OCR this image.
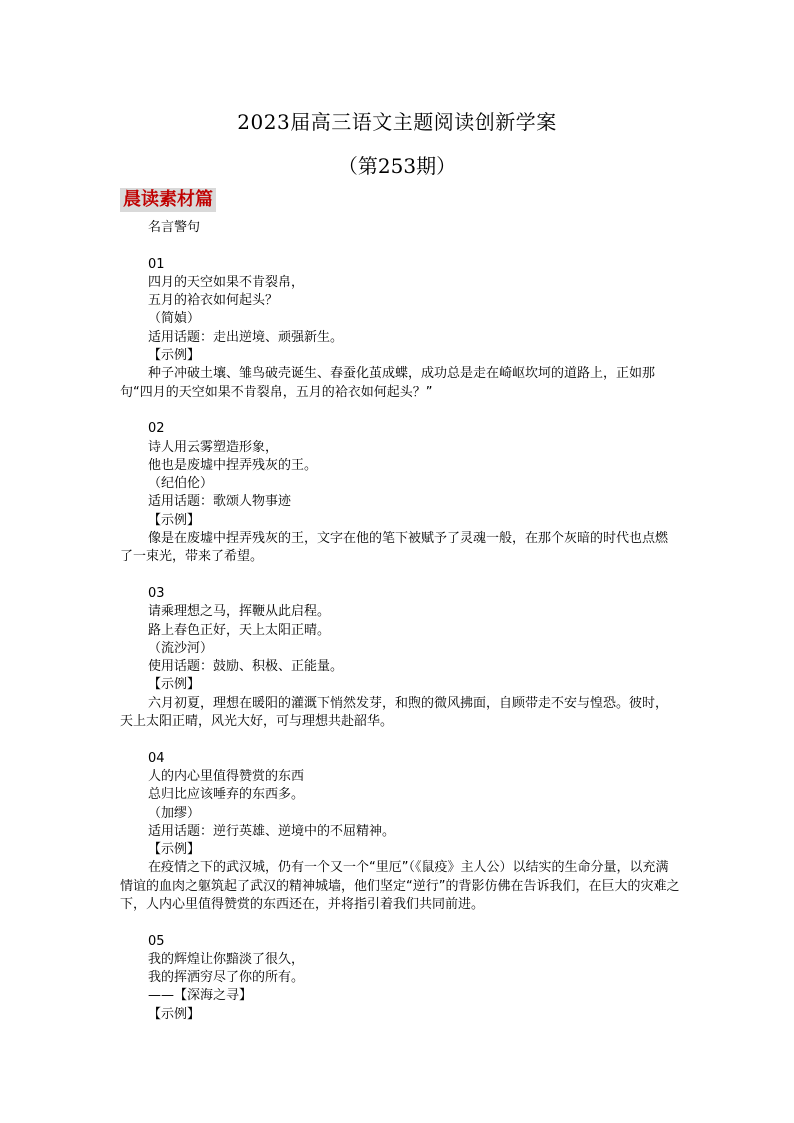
2023届高三语文主题阅读创新学案
（第253期）
晨读素材篇
名言警句
01
四月的天空如果不肯裂帛，
五月的袷衣如何起头？
（简媜）
适用话题：走出逆境、顽强新生。
【示例】
种子冲破土壤、雏鸟破壳诞生、春蚕化茧成蝶，成功总是走在崎岖坎坷的道路上，正如那句“四月的天空如果不肯裂帛，五月的袷衣如何起头？”
02
诗人用云雾塑造形象，
他也是废墟中捏弄残灰的王。
（纪伯伦）
适用话题：歌颂人物事迹
【示例】
像是在废墟中捏弄残灰的王，文字在他的笔下被赋予了灵魂一般，在那个灰暗的时代也点燃了一束光，带来了希望。
03
请乘理想之马，挥鞭从此启程。
路上春色正好，天上太阳正晴。
（流沙河）
使用话题：鼓励、积极、正能量。
【示例】
六月初夏，理想在暖阳的灌溉下悄然发芽，和煦的微风拂面，自顾带走不安与惶恐。彼时，天上太阳正晴，风光大好，可与理想共赴韶华。
04
人的内心里值得赞赏的东西
总归比应该唾弃的东西多。
（加缪）
适用话题：逆行英雄、逆境中的不屈精神。
【示例】
在疫情之下的武汉城，仍有一个又一个“里厄”（《鼠疫》主人公）以结实的生命分量，以充满情谊的血肉之躯筑起了武汉的精神城墙，他们坚定“逆行”的背影仿佛在告诉我们，在巨大的灾难之下，人内心里值得赞赏的东西还在，并将指引着我们共同前进。
05
我的辉煌让你黯淡了很久，
我的挥洒穷尽了你的所有。
——【深海之寻】
【示例】
